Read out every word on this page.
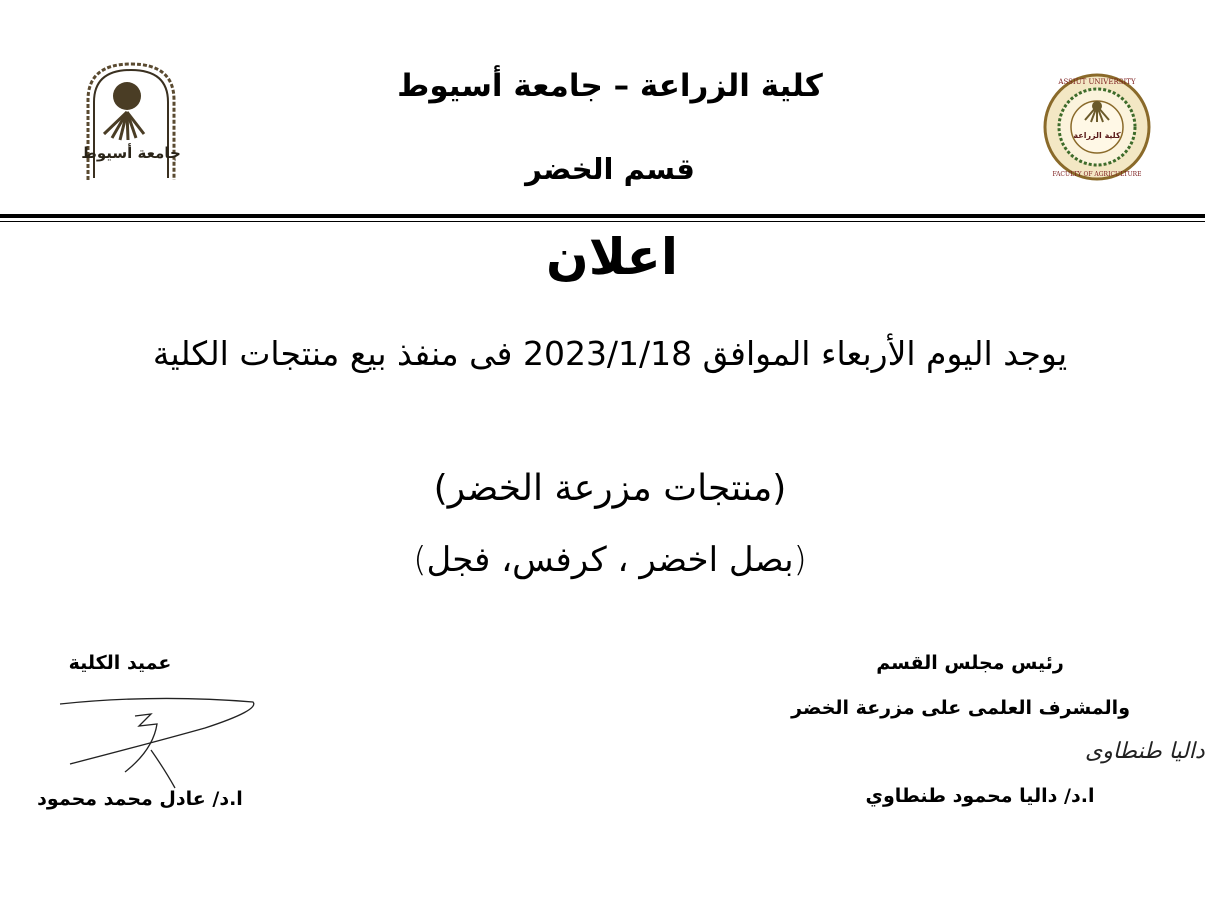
جامعة أسيوط
كلية الزراعة – جامعة أسيوط
قسم الخضر
كلية الزراعة
ASSIUT UNIVERSITY
FACULTY OF AGRICULTURE
اعلان
يوجد اليوم الأربعاء الموافق 2023/1/18 فى منفذ بيع منتجات الكلية
(منتجات مزرعة الخضر)
(بصل اخضر ، كرفس، فجل)
عميد الكلية
ا.د/ عادل محمد محمود
رئيس مجلس القسم
والمشرف العلمى على مزرعة الخضر
داليا طنطاوى
ا.د/ داليا محمود طنطاوي
